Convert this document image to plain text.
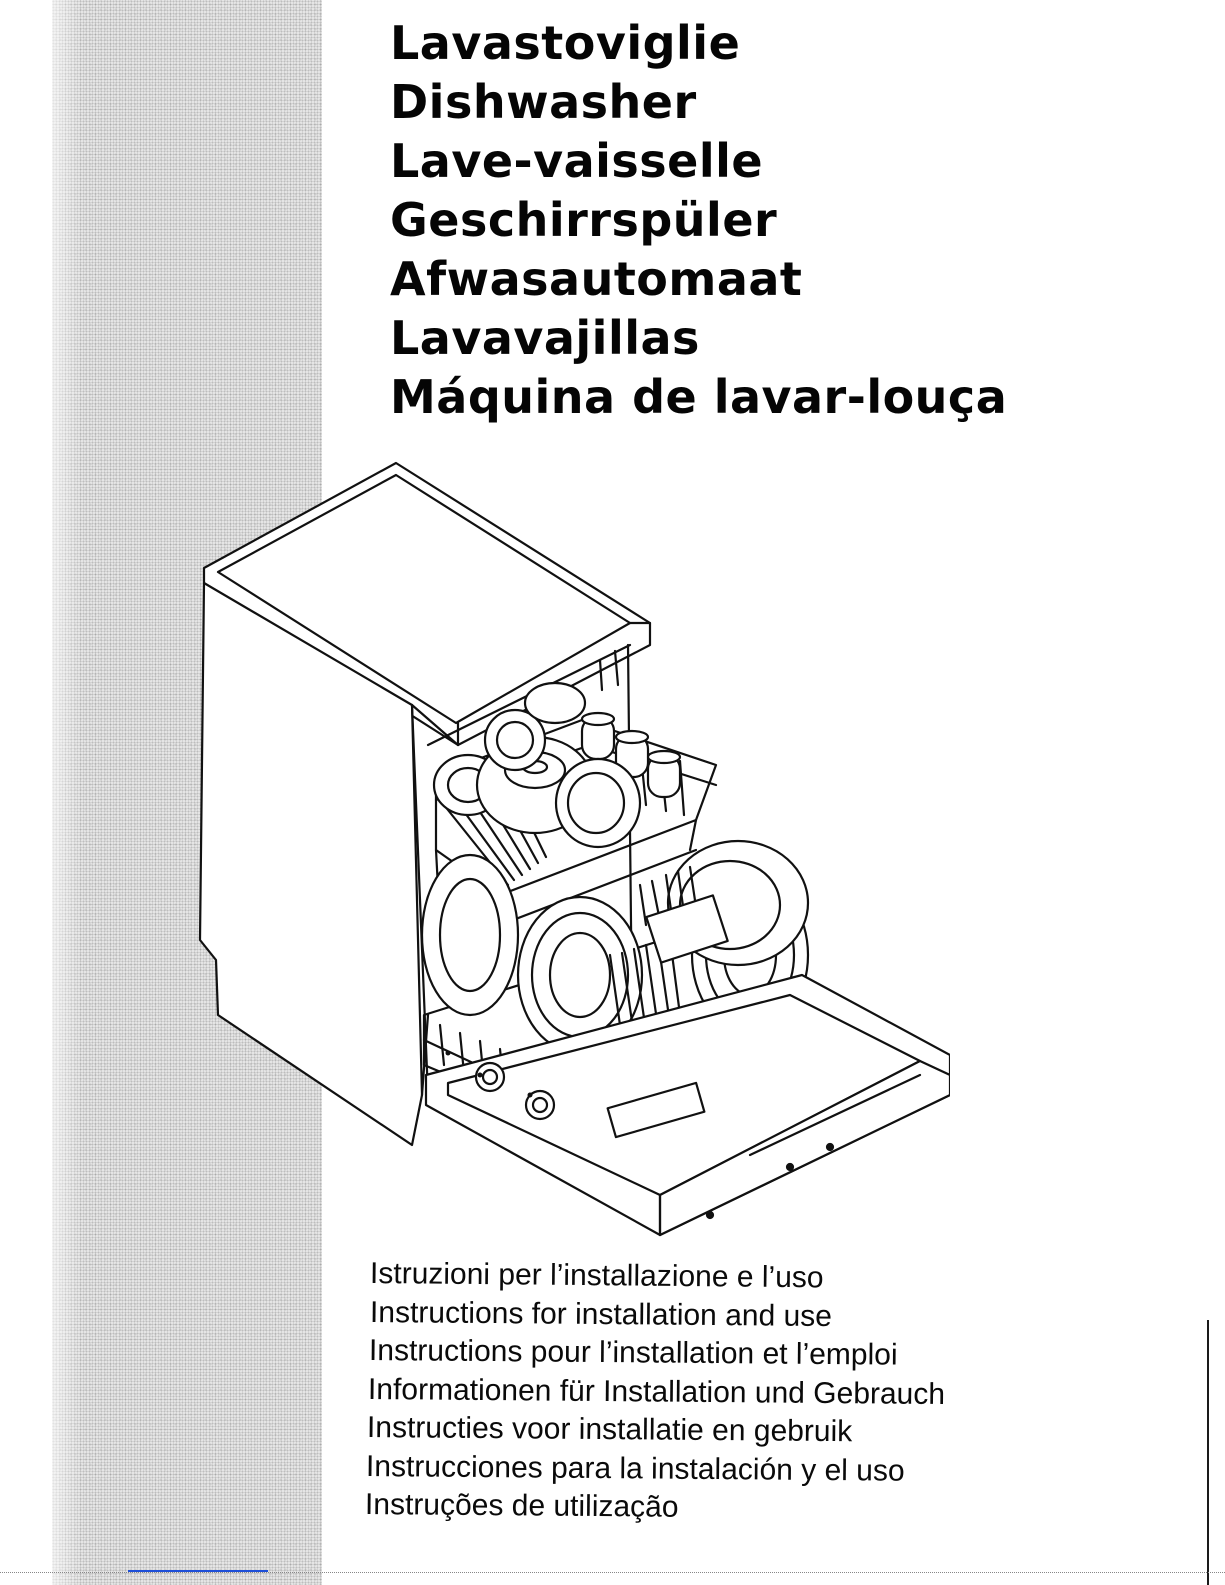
Lavastoviglie
Dishwasher
Lave-vaisselle
Geschirrspüler
Afwasautomaat
Lavavajillas
Máquina de lavar-louça
Istruzioni per l’installazione e l’uso
Instructions for installation and use
Instructions pour l’installation et l’emploi
Informationen für Installation und Gebrauch
Instructies voor installatie en gebruik
Instrucciones para la instalación y el uso
Instruções de utilização
